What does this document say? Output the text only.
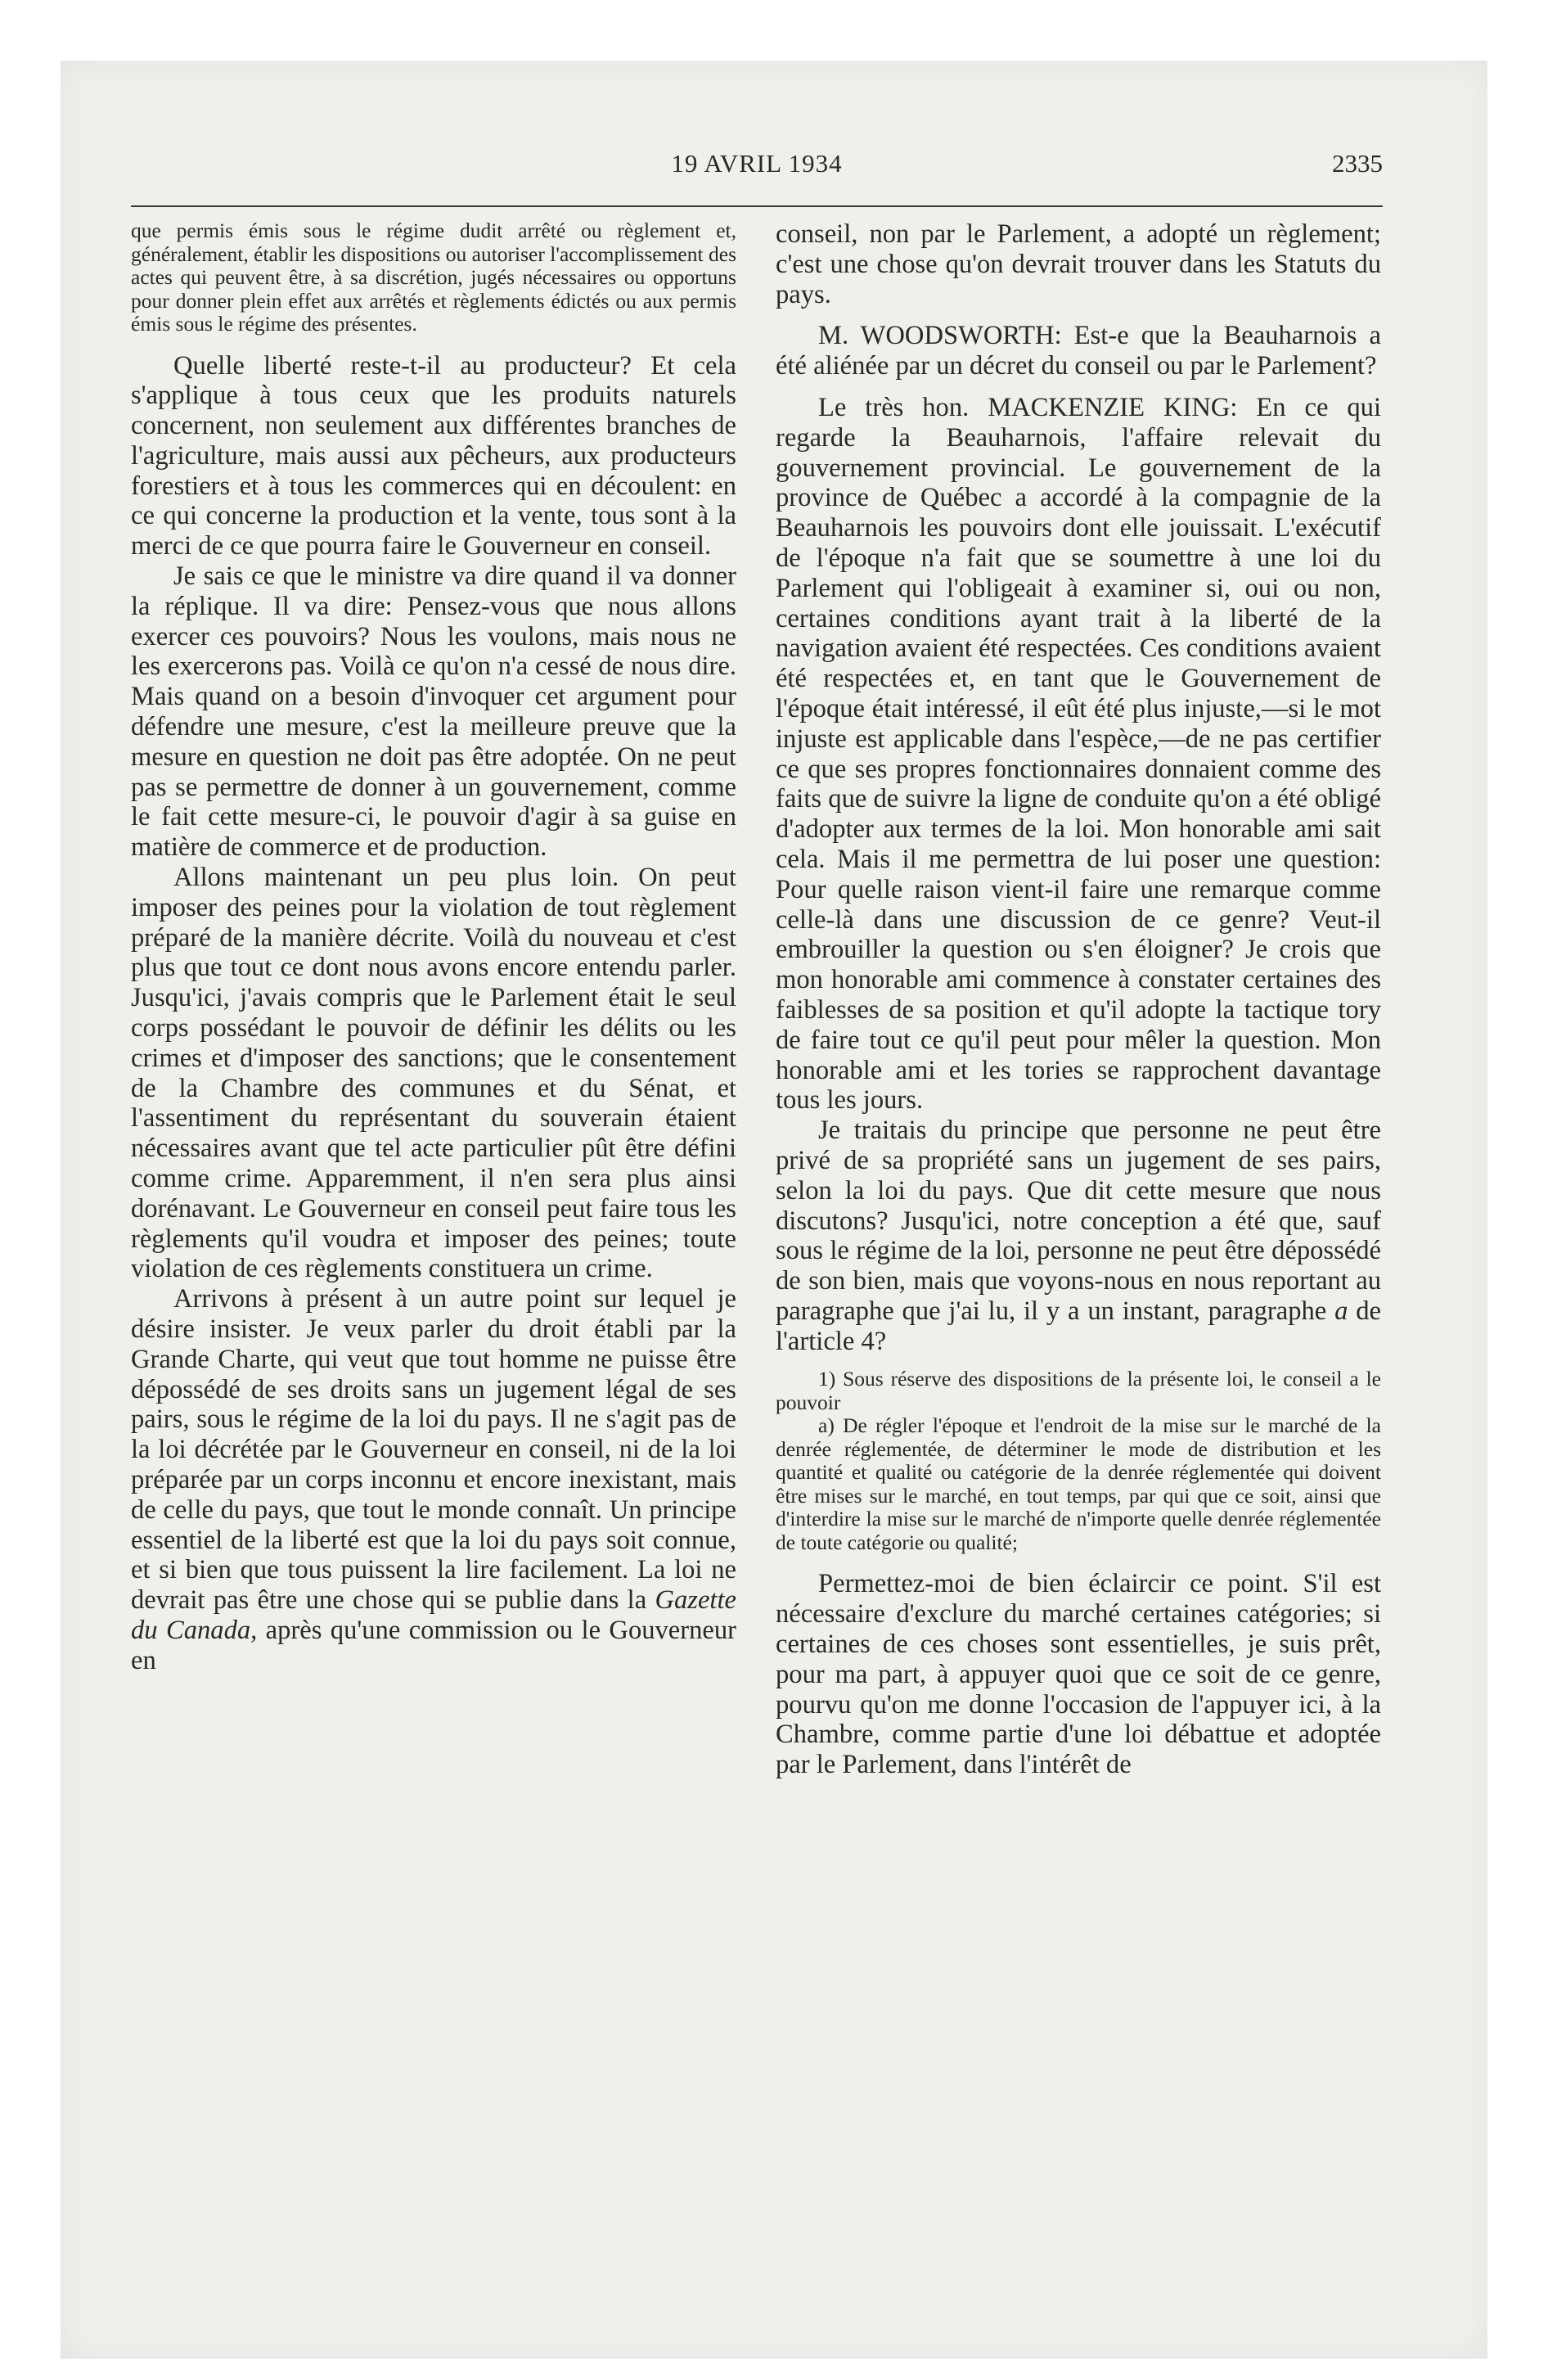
19 AVRIL 1934	2335

que permis émis sous le régime dudit arrêté ou règlement et, généralement, établir les dispositions ou autoriser l'accomplissement des actes qui peuvent être, à sa discrétion, jugés nécessaires ou opportuns pour donner plein effet aux arrêtés et règlements édictés ou aux permis émis sous le régime des présentes.

Quelle liberté reste-t-il au producteur? Et cela s'applique à tous ceux que les produits naturels concernent, non seulement aux différentes branches de l'agriculture, mais aussi aux pêcheurs, aux producteurs forestiers et à tous les commerces qui en découlent: en ce qui concerne la production et la vente, tous sont à la merci de ce que pourra faire le Gouverneur en conseil.

Je sais ce que le ministre va dire quand il va donner la réplique. Il va dire: Pensez-vous que nous allons exercer ces pouvoirs? Nous les voulons, mais nous ne les exercerons pas. Voilà ce qu'on n'a cessé de nous dire. Mais quand on a besoin d'invoquer cet argument pour défendre une mesure, c'est la meilleure preuve que la mesure en question ne doit pas être adoptée. On ne peut pas se permettre de donner à un gouvernement, comme le fait cette mesure-ci, le pouvoir d'agir à sa guise en matière de commerce et de production.

Allons maintenant un peu plus loin. On peut imposer des peines pour la violation de tout règlement préparé de la manière décrite. Voilà du nouveau et c'est plus que tout ce dont nous avons encore entendu parler. Jusqu'ici, j'avais compris que le Parlement était le seul corps possédant le pouvoir de définir les délits ou les crimes et d'imposer des sanctions; que le consentement de la Chambre des communes et du Sénat, et l'assentiment du représentant du souverain étaient nécessaires avant que tel acte particulier pût être défini comme crime. Apparemment, il n'en sera plus ainsi dorénavant. Le Gouverneur en conseil peut faire tous les règlements qu'il voudra et imposer des peines; toute violation de ces règlements constituera un crime.

Arrivons à présent à un autre point sur lequel je désire insister. Je veux parler du droit établi par la Grande Charte, qui veut que tout homme ne puisse être dépossédé de ses droits sans un jugement légal de ses pairs, sous le régime de la loi du pays. Il ne s'agit pas de la loi décrétée par le Gouverneur en conseil, ni de la loi préparée par un corps inconnu et encore inexistant, mais de celle du pays, que tout le monde connaît. Un principe essentiel de la liberté est que la loi du pays soit connue, et si bien que tous puissent la lire facilement. La loi ne devrait pas être une chose qui se publie dans la Gazette du Canada, après qu'une commission ou le Gouverneur en

conseil, non par le Parlement, a adopté un règlement; c'est une chose qu'on devrait trouver dans les Statuts du pays.

M. WOODSWORTH: Est-e que la Beauharnois a été aliénée par un décret du conseil ou par le Parlement?

Le très hon. MACKENZIE KING: En ce qui regarde la Beauharnois, l'affaire relevait du gouvernement provincial. Le gouvernement de la province de Québec a accordé à la compagnie de la Beauharnois les pouvoirs dont elle jouissait. L'exécutif de l'époque n'a fait que se soumettre à une loi du Parlement qui l'obligeait à examiner si, oui ou non, certaines conditions ayant trait à la liberté de la navigation avaient été respectées. Ces conditions avaient été respectées et, en tant que le Gouvernement de l'époque était intéressé, il eût été plus injuste,—si le mot injuste est applicable dans l'espèce,—de ne pas certifier ce que ses propres fonctionnaires donnaient comme des faits que de suivre la ligne de conduite qu'on a été obligé d'adopter aux termes de la loi. Mon honorable ami sait cela. Mais il me permettra de lui poser une question: Pour quelle raison vient-il faire une remarque comme celle-là dans une discussion de ce genre? Veut-il embrouiller la question ou s'en éloigner? Je crois que mon honorable ami commence à constater certaines des faiblesses de sa position et qu'il adopte la tactique tory de faire tout ce qu'il peut pour mêler la question. Mon honorable ami et les tories se rapprochent davantage tous les jours.

Je traitais du principe que personne ne peut être privé de sa propriété sans un jugement de ses pairs, selon la loi du pays. Que dit cette mesure que nous discutons? Jusqu'ici, notre conception a été que, sauf sous le régime de la loi, personne ne peut être dépossédé de son bien, mais que voyons-nous en nous reportant au paragraphe que j'ai lu, il y a un instant, paragraphe a de l'article 4?

1) Sous réserve des dispositions de la présente loi, le conseil a le pouvoir

a) De régler l'époque et l'endroit de la mise sur le marché de la denrée réglementée, de déterminer le mode de distribution et les quantité et qualité ou catégorie de la denrée réglementée qui doivent être mises sur le marché, en tout temps, par qui que ce soit, ainsi que d'interdire la mise sur le marché de n'importe quelle denrée réglementée de toute catégorie ou qualité;

Permettez-moi de bien éclaircir ce point. S'il est nécessaire d'exclure du marché certaines catégories; si certaines de ces choses sont essentielles, je suis prêt, pour ma part, à appuyer quoi que ce soit de ce genre, pourvu qu'on me donne l'occasion de l'appuyer ici, à la Chambre, comme partie d'une loi débattue et adoptée par le Parlement, dans l'intérêt de
